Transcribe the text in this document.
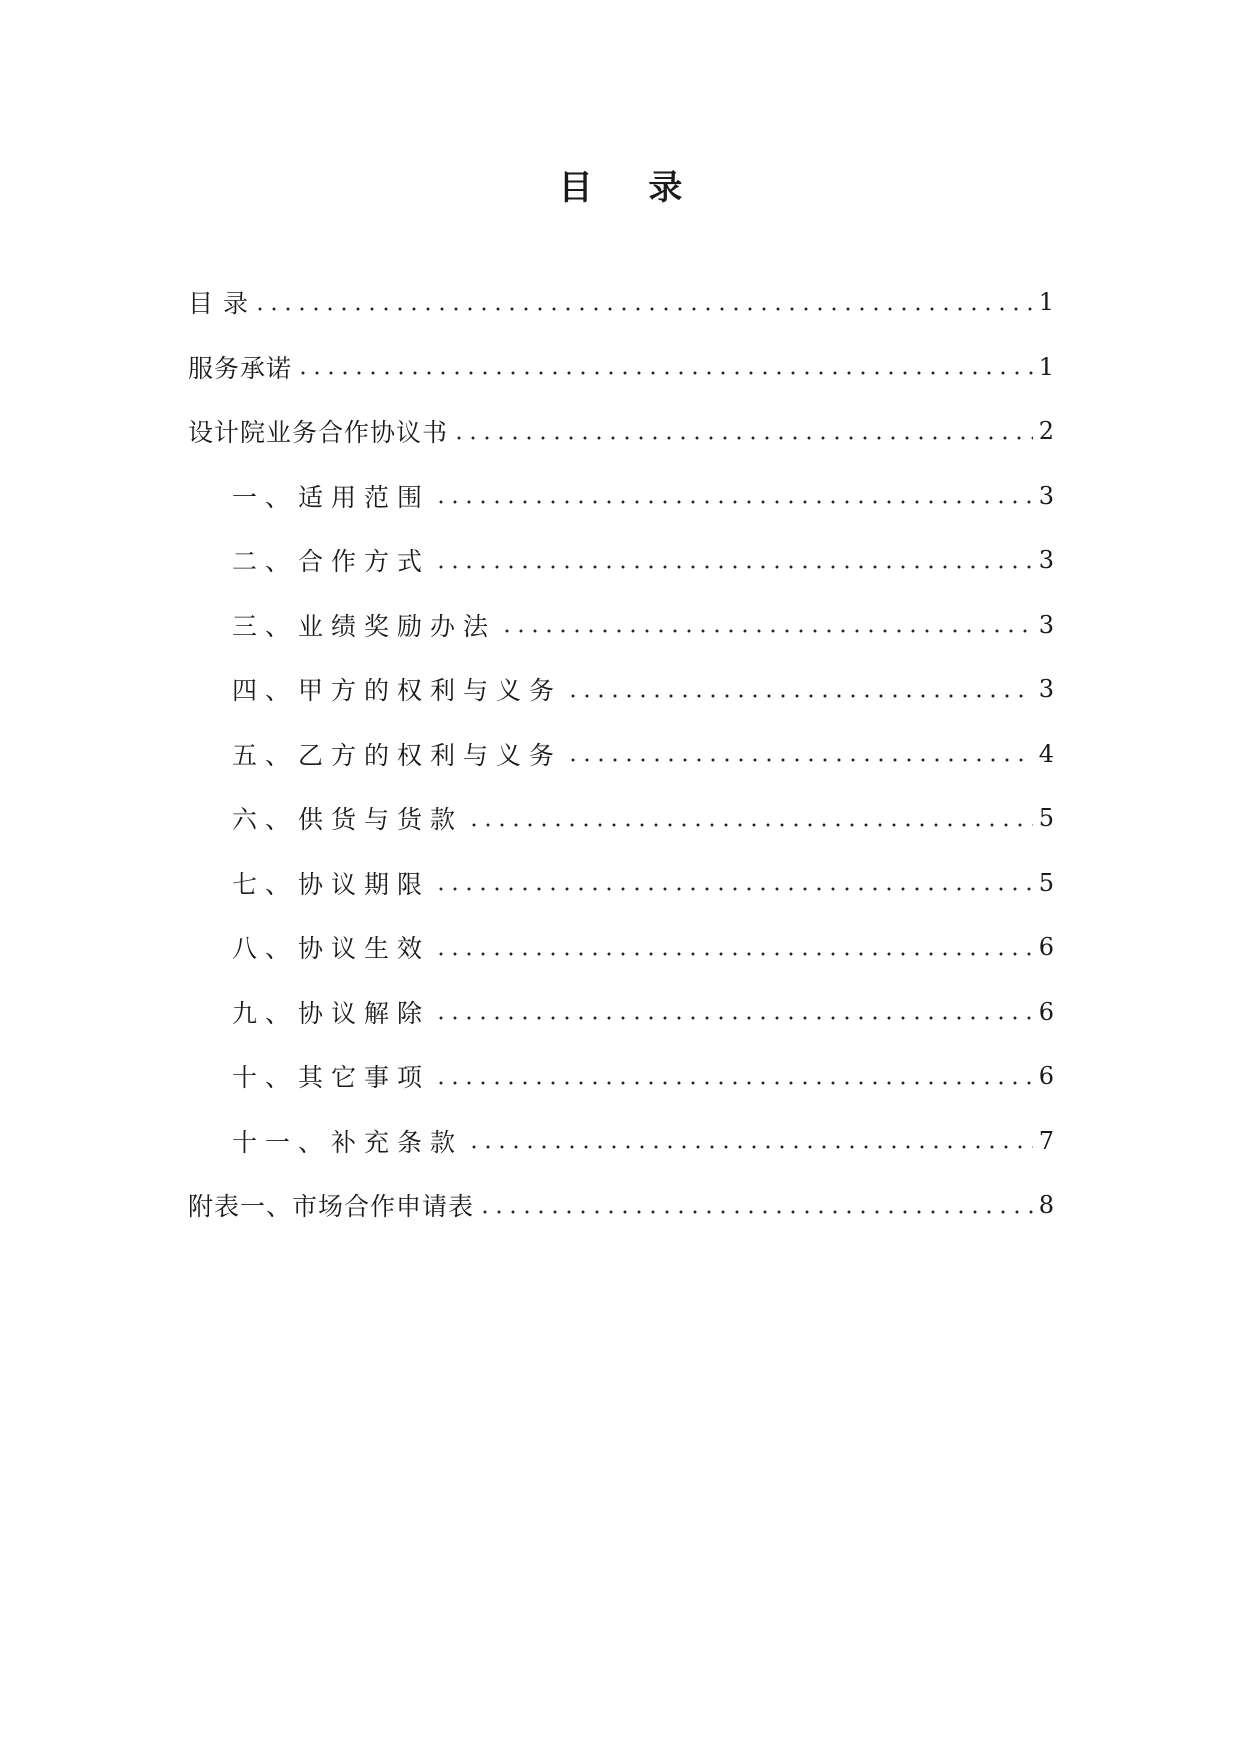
目 录
目 录	1
服务承诺	1
设计院业务合作协议书	2
一、适用范围	3
二、合作方式	3
三、业绩奖励办法	3
四、甲方的权利与义务	3
五、乙方的权利与义务	4
六、供货与货款	5
七、协议期限	5
八、协议生效	6
九、协议解除	6
十、其它事项	6
十一、补充条款	7
附表一、市场合作申请表	8
